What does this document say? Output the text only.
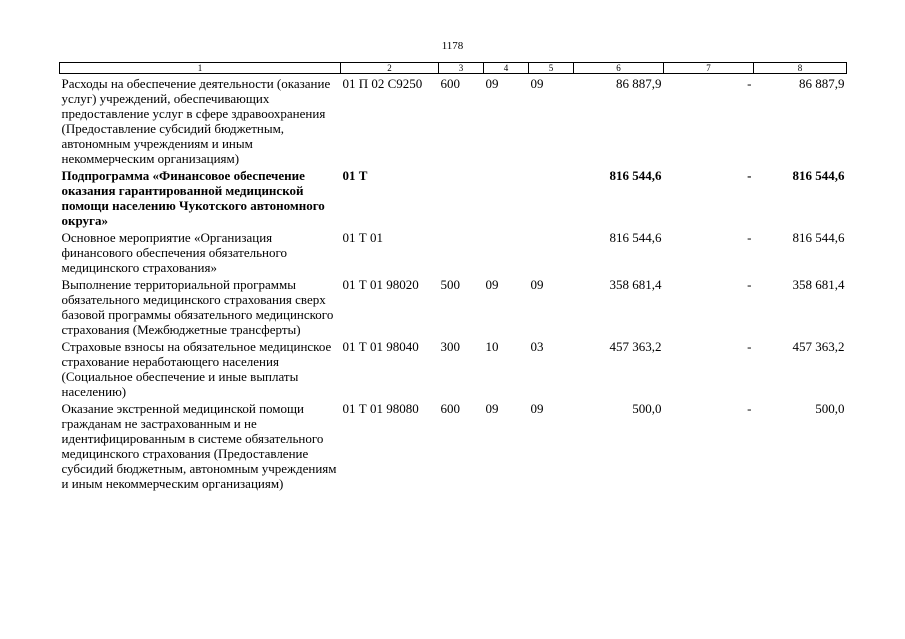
1178
1	2	3	4	5	6	7	8
Расходы на обеспечение деятельности (оказание услуг) учреждений, обеспечивающих предоставление услуг в сфере здравоохранения (Предоставление субсидий бюджетным, автономным учреждениям и иным некоммерческим организациям)	01 П 02 С9250	600	09	09	86 887,9	-	86 887,9
Подпрограмма «Финансовое обеспечение оказания гарантированной медицинской помощи населению Чукотского автономного округа»	01 Т				816 544,6	-	816 544,6
Основное мероприятие «Организация финансового обеспечения обязательного медицинского страхования»	01 Т 01				816 544,6	-	816 544,6
Выполнение территориальной программы обязательного медицинского страхования сверх базовой программы обязательного медицинского страхования (Межбюджетные трансферты)	01 Т 01 98020	500	09	09	358 681,4	-	358 681,4
Страховые взносы на обязательное медицинское страхование неработающего населения (Социальное обеспечение и иные выплаты населению)	01 Т 01 98040	300	10	03	457 363,2	-	457 363,2
Оказание экстренной медицинской помощи гражданам не застрахованным и не идентифицированным в системе обязательного медицинского страхования (Предоставление субсидий бюджетным, автономным учреждениям и иным некоммерческим организациям)	01 Т 01 98080	600	09	09	500,0	-	500,0
